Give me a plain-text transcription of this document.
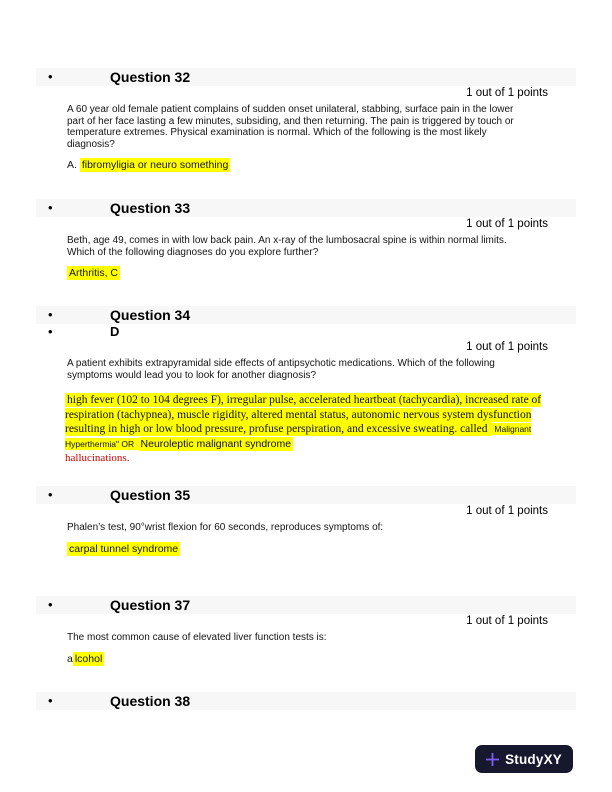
•	Question 32
1 out of 1 points

A 60 year old female patient complains of sudden onset unilateral, stabbing, surface pain in the lower part of her face lasting a few minutes, subsiding, and then returning. The pain is triggered by touch or temperature extremes. Physical examination is normal. Which of the following is the most likely diagnosis?

A. fibromyligia or neuro something

•	Question 33
1 out of 1 points

Beth, age 49, comes in with low back pain. An x-ray of the lumbosacral spine is within normal limits. Which of the following diagnoses do you explore further?

Arthritis, C

•	Question 34
•	D
1 out of 1 points

A patient exhibits extrapyramidal side effects of antipsychotic medications. Which of the following symptoms would lead you to look for another diagnosis?

high fever (102 to 104 degrees F), irregular pulse, accelerated heartbeat (tachycardia), increased rate of respiration (tachypnea), muscle rigidity, altered mental status, autonomic nervous system dysfunction resulting in high or low blood pressure, profuse perspiration, and excessive sweating. called Malignant Hyperthermia" OR Neuroleptic malignant syndrome
hallucinations.

•	Question 35
1 out of 1 points

Phalen’s test, 90°wrist flexion for 60 seconds, reproduces symptoms of:

carpal tunnel syndrome

•	Question 37
1 out of 1 points

The most common cause of elevated liver function tests is:

a lcohol

•	Question 38
StudyXY
